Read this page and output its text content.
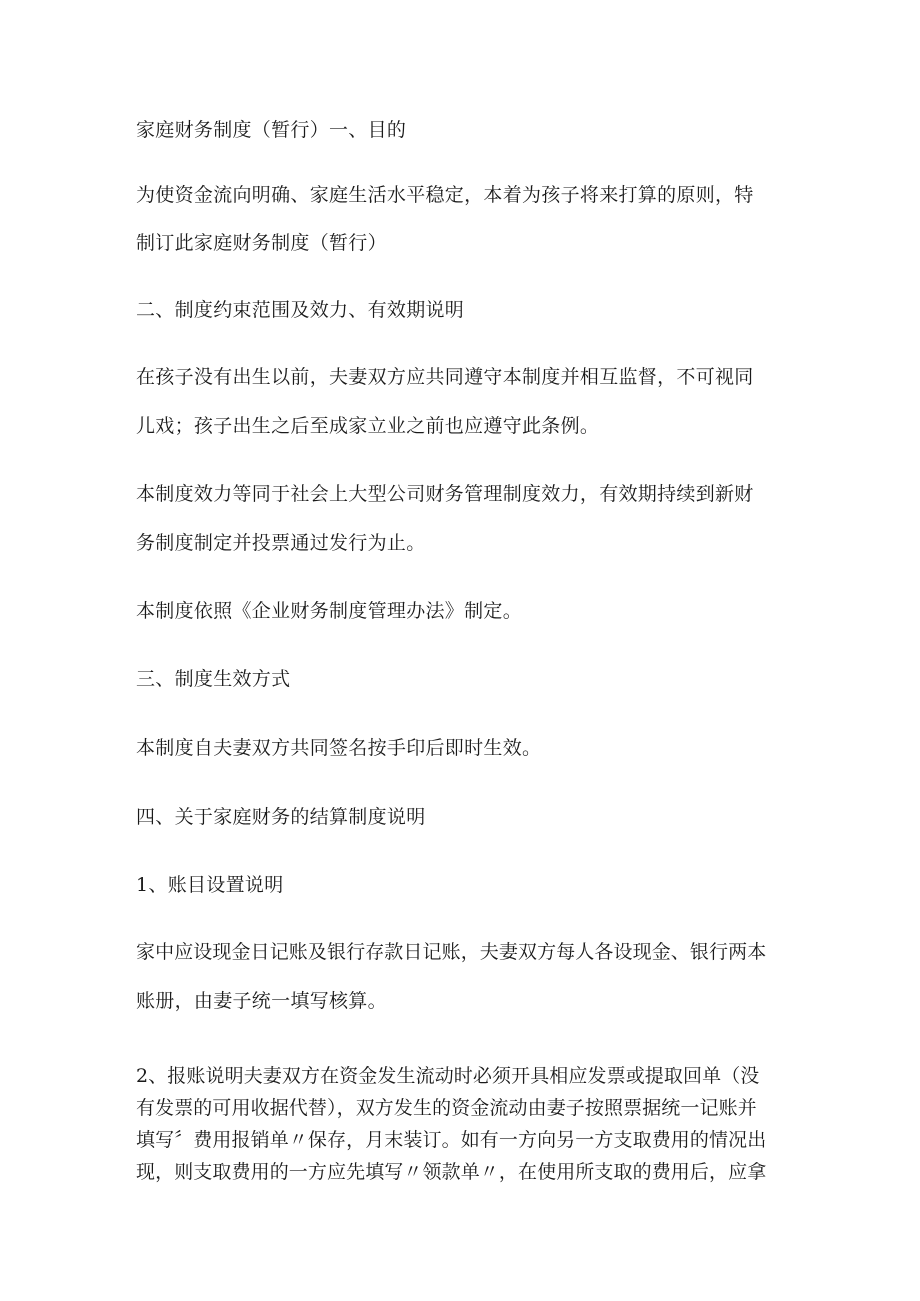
家庭财务制度（暂行）一、目的
为使资金流向明确、家庭生活水平稳定，本着为孩子将来打算的原则，特
制订此家庭财务制度（暂行）
二、制度约束范围及效力、有效期说明
在孩子没有出生以前，夫妻双方应共同遵守本制度并相互监督，不可视同
儿戏；孩子出生之后至成家立业之前也应遵守此条例。
本制度效力等同于社会上大型公司财务管理制度效力，有效期持续到新财
务制度制定并投票通过发行为止。
本制度依照《企业财务制度管理办法》制定。
三、制度生效方式
本制度自夫妻双方共同签名按手印后即时生效。
四、关于家庭财务的结算制度说明
1、账目设置说明
家中应设现金日记账及银行存款日记账，夫妻双方每人各设现金、银行两本
账册，由妻子统一填写核算。
2、报账说明夫妻双方在资金发生流动时必须开具相应发票或提取回单（没
有发票的可用收据代替），双方发生的资金流动由妻子按照票据统一记账并
填写〞费用报销单〃保存，月末装订。如有一方向另一方支取费用的情况出
现，则支取费用的一方应先填写〃领款单〃，在使用所支取的费用后，应拿
